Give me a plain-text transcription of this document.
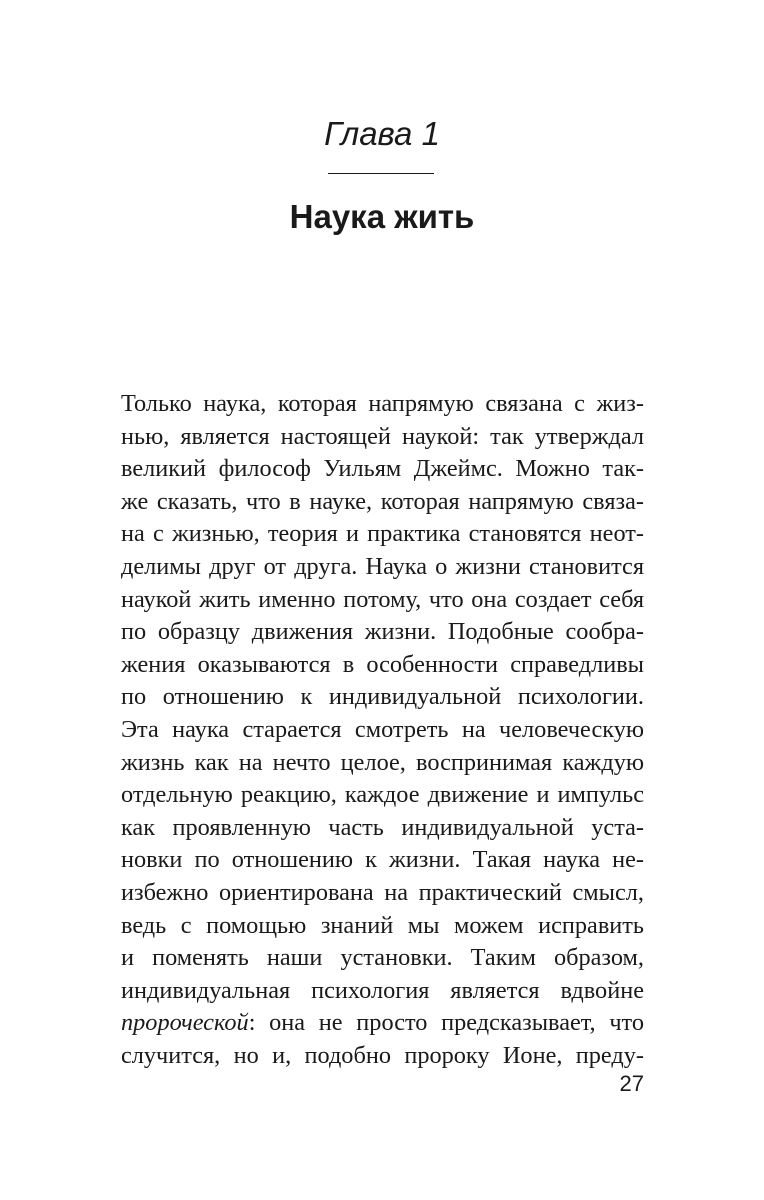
Глава 1
Наука жить
Только наука, которая напрямую связана с жиз-
нью, является настоящей наукой: так утверждал
великий философ Уильям Джеймс. Можно так-
же сказать, что в науке, которая напрямую связа-
на с жизнью, теория и практика становятся неот-
делимы друг от друга. Наука о жизни становится
наукой жить именно потому, что она создает себя
по образцу движения жизни. Подобные сообра-
жения оказываются в особенности справедливы
по отношению к индивидуальной психологии.
Эта наука старается смотреть на человеческую
жизнь как на нечто целое, воспринимая каждую
отдельную реакцию, каждое движение и импульс
как проявленную часть индивидуальной уста-
новки по отношению к жизни. Такая наука не-
избежно ориентирована на практический смысл,
ведь с помощью знаний мы можем исправить
и поменять наши установки. Таким образом,
индивидуальная психология является вдвойне
пророческой: она не просто предсказывает, что
случится, но и, подобно пророку Ионе, преду-
27
